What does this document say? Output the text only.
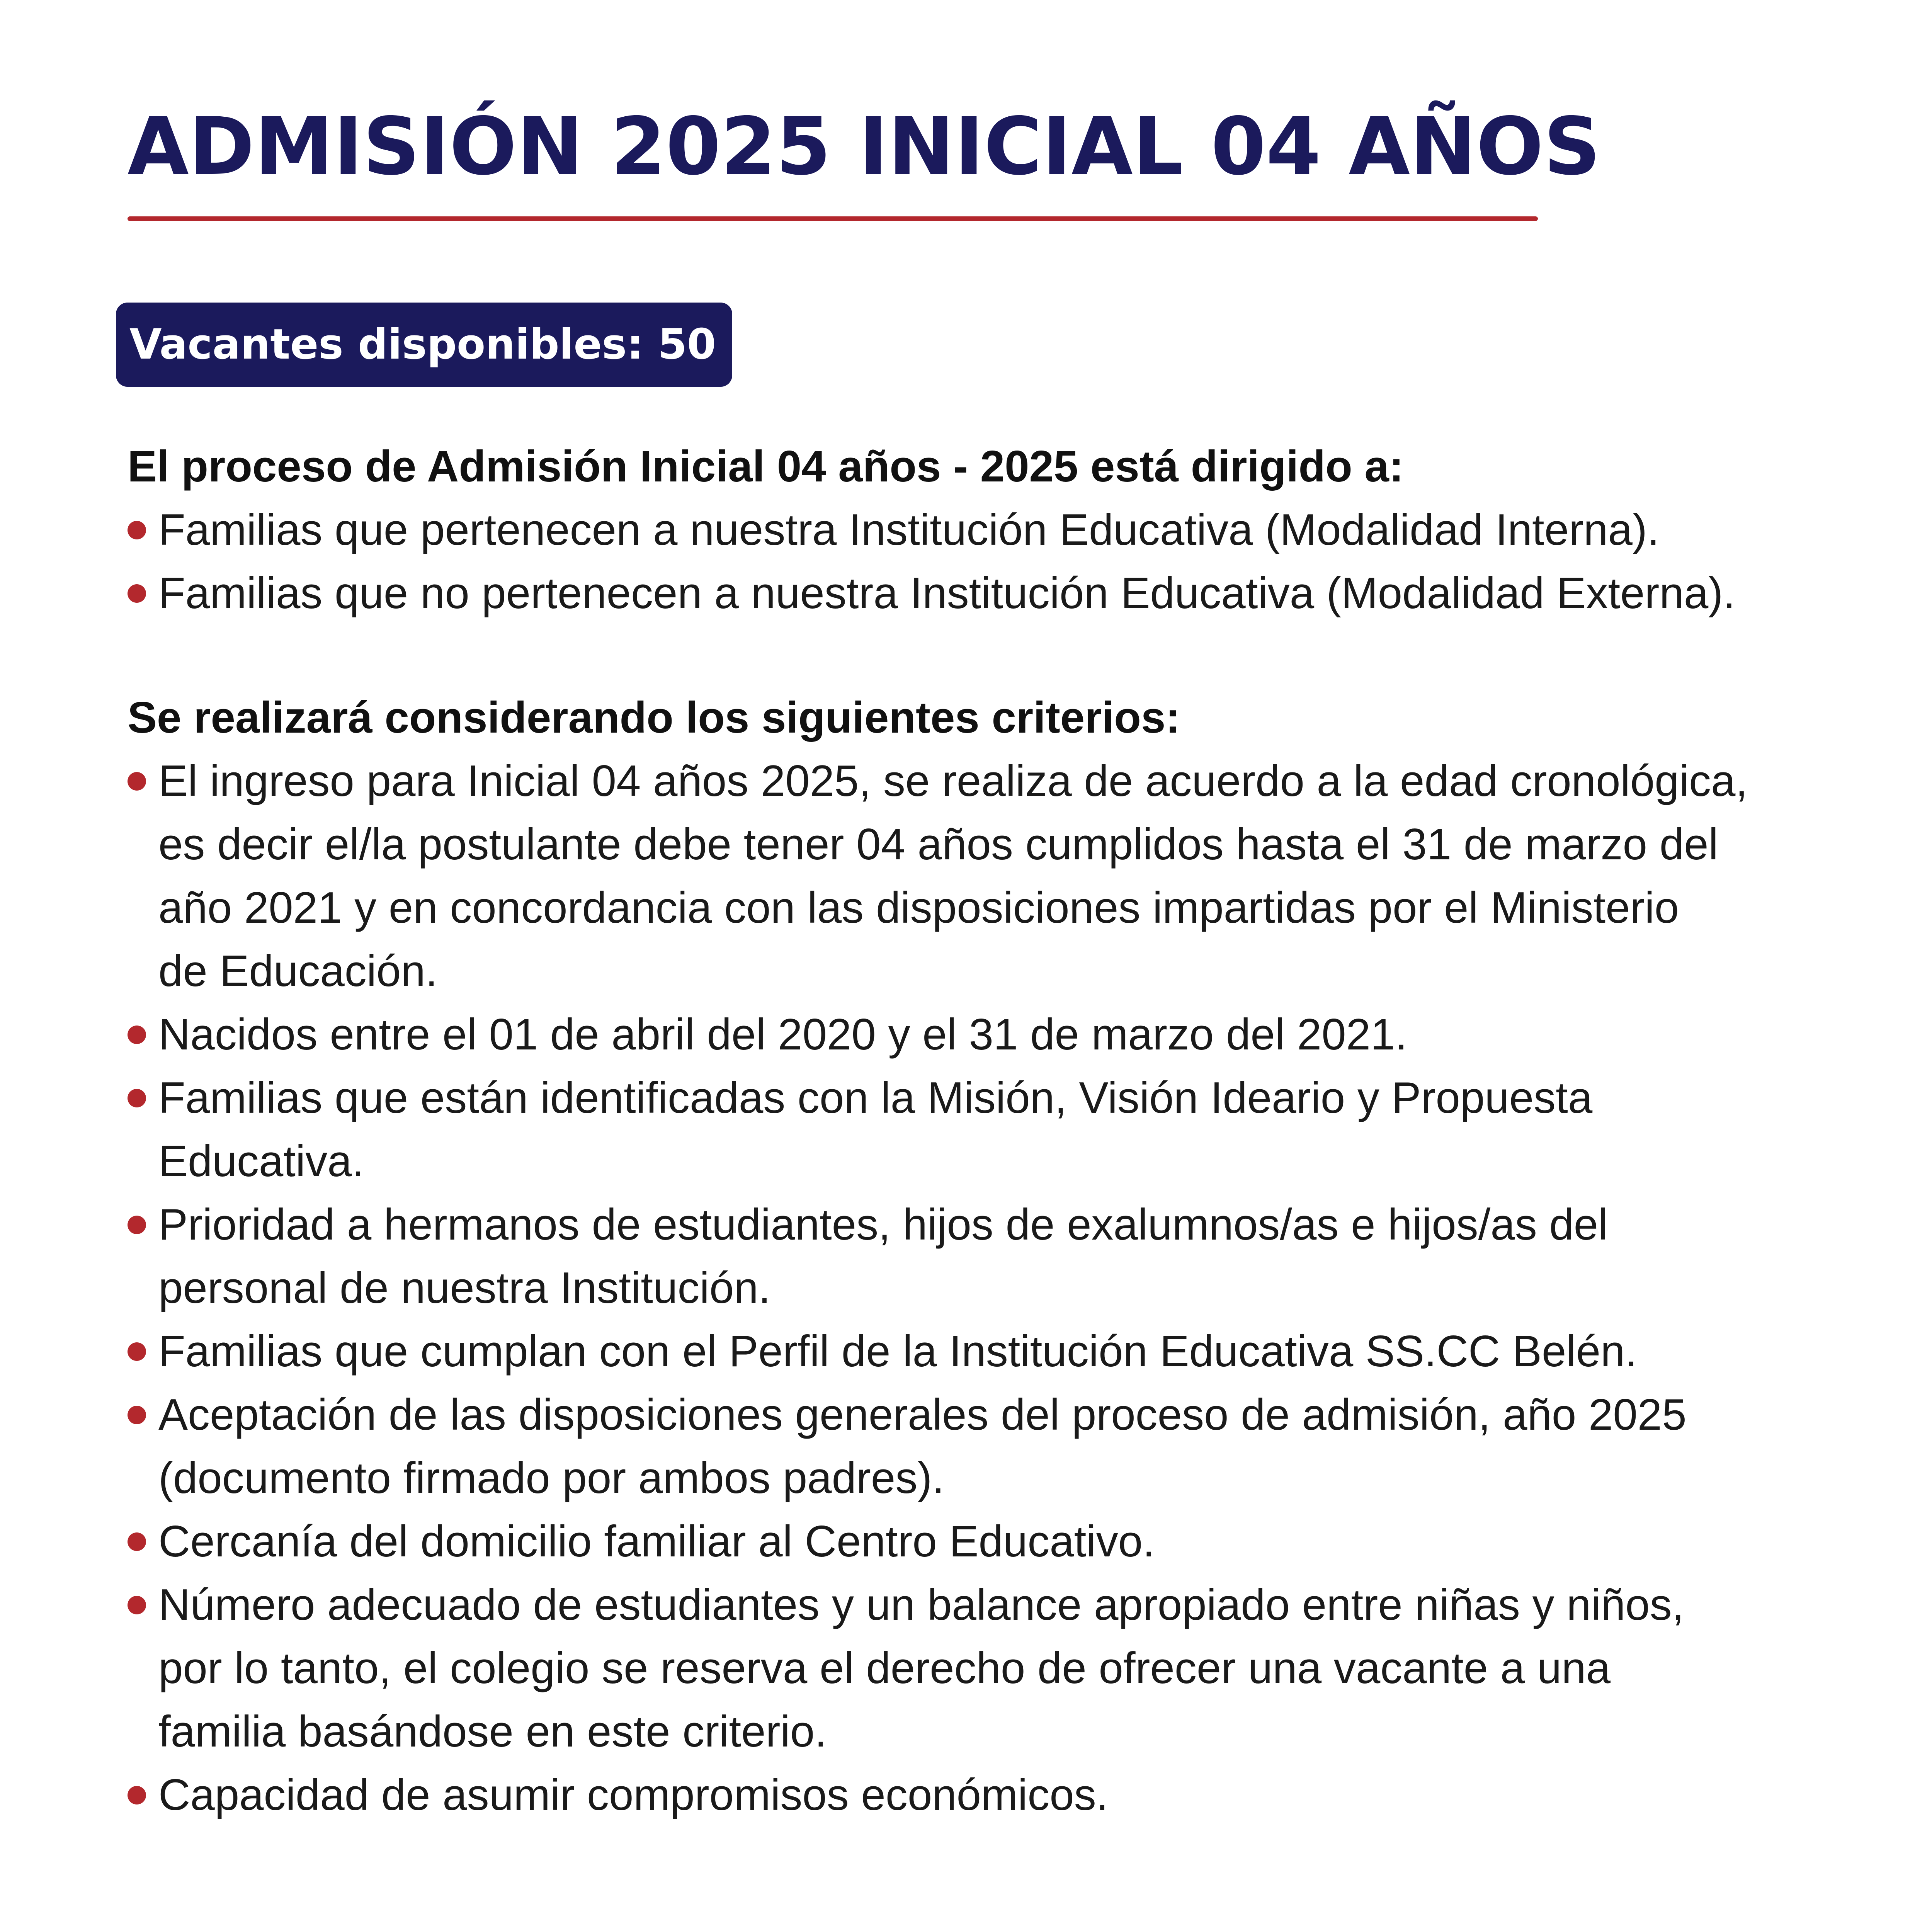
ADMISIÓN 2025 INICIAL 04 AÑOS
Vacantes disponibles: 50
El proceso de Admisión Inicial 04 años - 2025 está dirigido a:
Familias que pertenecen a nuestra Institución Educativa (Modalidad Interna).
Familias que no pertenecen a nuestra Institución Educativa (Modalidad Externa).
Se realizará considerando los siguientes criterios:
El ingreso para Inicial 04 años 2025, se realiza de acuerdo a la edad cronológica,
es decir el/la postulante debe tener 04 años cumplidos hasta el 31 de marzo del
año 2021 y en concordancia con las disposiciones impartidas por el Ministerio
de Educación.
Nacidos entre el 01 de abril del 2020 y el 31 de marzo del 2021.
Familias que están identificadas con la Misión, Visión Ideario y Propuesta
Educativa.
Prioridad a hermanos de estudiantes, hijos de exalumnos/as e hijos/as del
personal de nuestra Institución.
Familias que cumplan con el Perfil de la Institución Educativa SS.CC Belén.
Aceptación de las disposiciones generales del proceso de admisión, año 2025
(documento firmado por ambos padres).
Cercanía del domicilio familiar al Centro Educativo.
Número adecuado de estudiantes y un balance apropiado entre niñas y niños,
por lo tanto, el colegio se reserva el derecho de ofrecer una vacante a una
familia basándose en este criterio.
Capacidad de asumir compromisos económicos.
